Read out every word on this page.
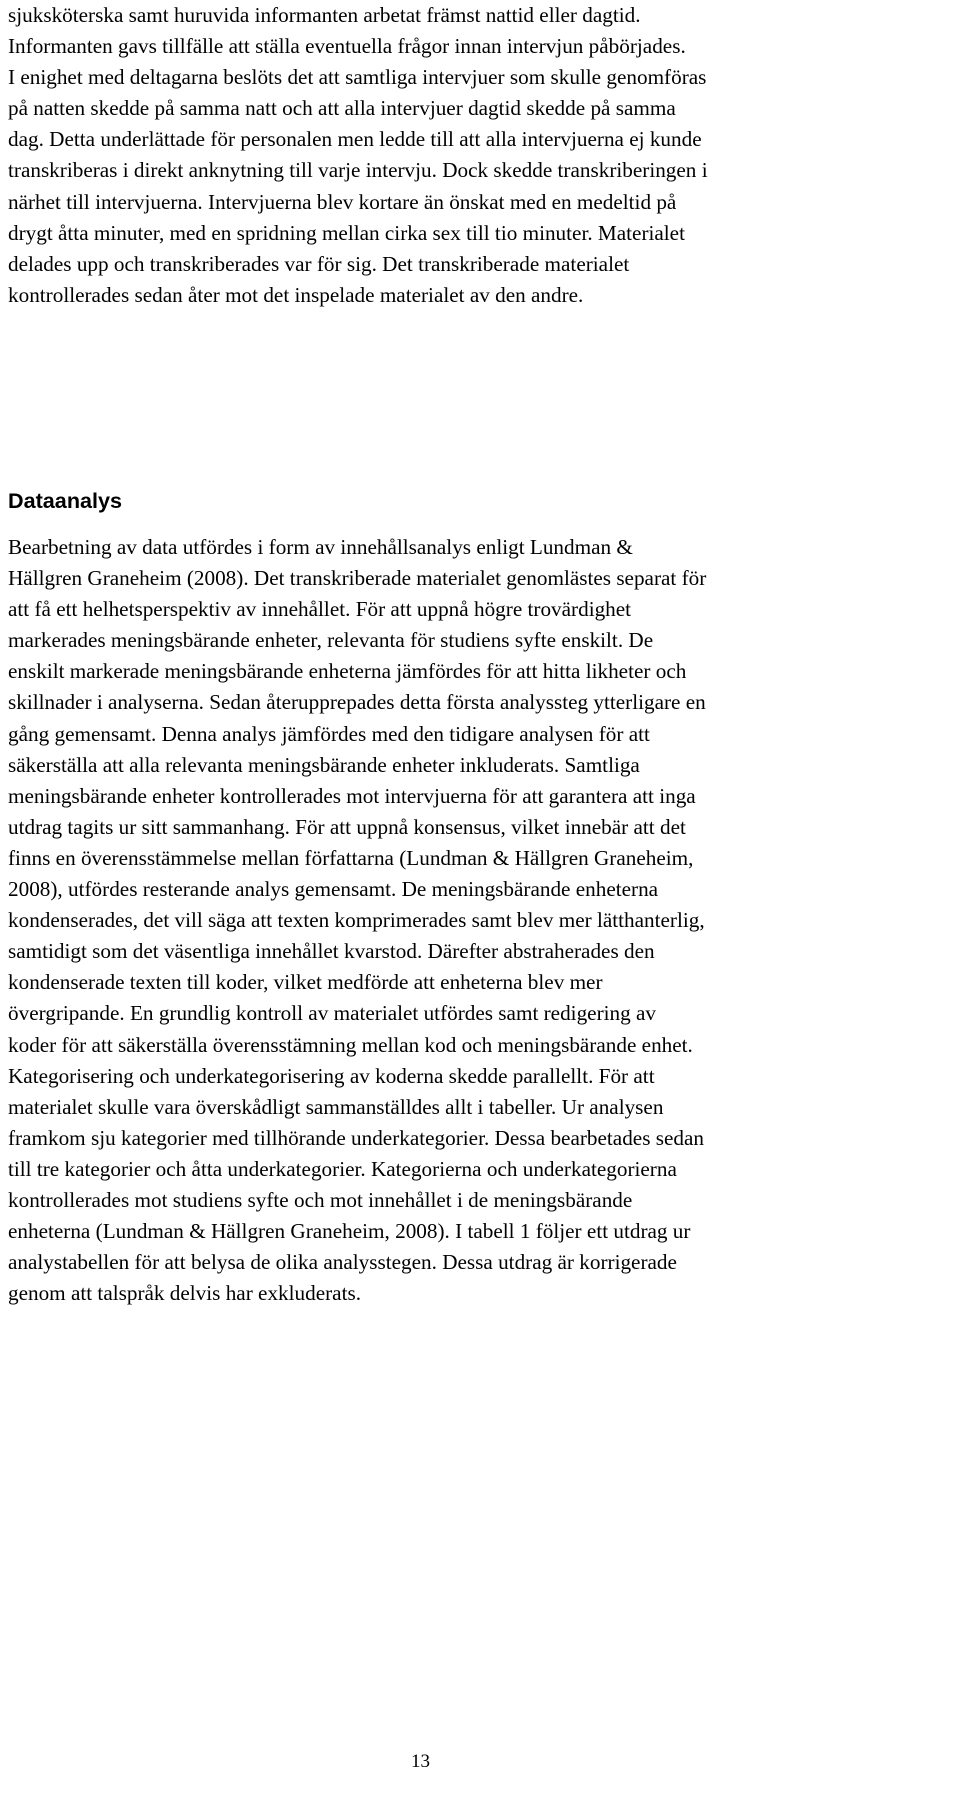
sjuksköterska samt huruvida informanten arbetat främst nattid eller dagtid.
Informanten gavs tillfälle att ställa eventuella frågor innan intervjun påbörjades.
I enighet med deltagarna beslöts det att samtliga intervjuer som skulle genomföras
på natten skedde på samma natt och att alla intervjuer dagtid skedde på samma
dag. Detta underlättade för personalen men ledde till att alla intervjuerna ej kunde
transkriberas i direkt anknytning till varje intervju. Dock skedde transkriberingen i
närhet till intervjuerna. Intervjuerna blev kortare än önskat med en medeltid på
drygt åtta minuter, med en spridning mellan cirka sex till tio minuter. Materialet
delades upp och transkriberades var för sig. Det transkriberade materialet
kontrollerades sedan åter mot det inspelade materialet av den andre.
Dataanalys
Bearbetning av data utfördes i form av innehållsanalys enligt Lundman &
Hällgren Graneheim (2008). Det transkriberade materialet genomlästes separat för
att få ett helhetsperspektiv av innehållet. För att uppnå högre trovärdighet
markerades meningsbärande enheter, relevanta för studiens syfte enskilt. De
enskilt markerade meningsbärande enheterna jämfördes för att hitta likheter och
skillnader i analyserna. Sedan återupprepades detta första analyssteg ytterligare en
gång gemensamt. Denna analys jämfördes med den tidigare analysen för att
säkerställa att alla relevanta meningsbärande enheter inkluderats. Samtliga
meningsbärande enheter kontrollerades mot intervjuerna för att garantera att inga
utdrag tagits ur sitt sammanhang. För att uppnå konsensus, vilket innebär att det
finns en överensstämmelse mellan författarna (Lundman & Hällgren Graneheim,
2008), utfördes resterande analys gemensamt. De meningsbärande enheterna
kondenserades, det vill säga att texten komprimerades samt blev mer lätthanterlig,
samtidigt som det väsentliga innehållet kvarstod. Därefter abstraherades den
kondenserade texten till koder, vilket medförde att enheterna blev mer
övergripande. En grundlig kontroll av materialet utfördes samt redigering av
koder för att säkerställa överensstämning mellan kod och meningsbärande enhet.
Kategorisering och underkategorisering av koderna skedde parallellt. För att
materialet skulle vara överskådligt sammanställdes allt i tabeller. Ur analysen
framkom sju kategorier med tillhörande underkategorier. Dessa bearbetades sedan
till tre kategorier och åtta underkategorier. Kategorierna och underkategorierna
kontrollerades mot studiens syfte och mot innehållet i de meningsbärande
enheterna (Lundman & Hällgren Graneheim, 2008). I tabell 1 följer ett utdrag ur
analystabellen för att belysa de olika analysstegen. Dessa utdrag är korrigerade
genom att talspråk delvis har exkluderats.
13
